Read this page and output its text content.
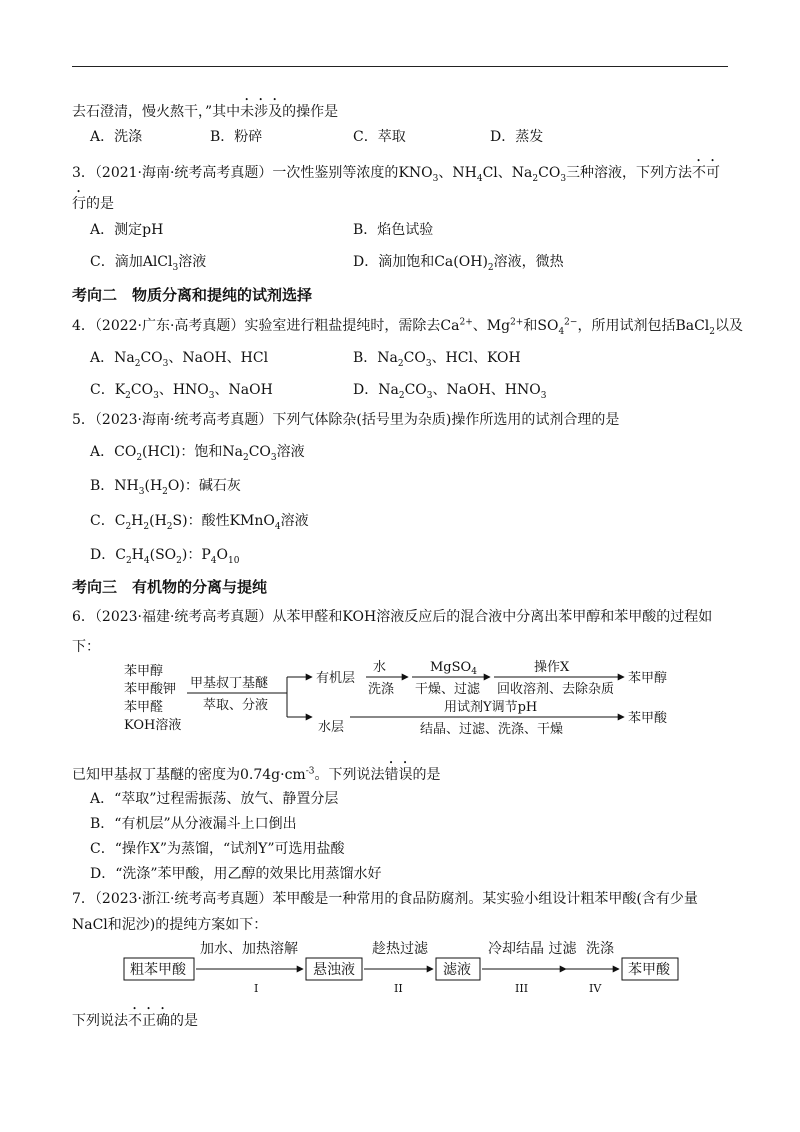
去石澄清，慢火熬干，”其中未涉及的操作是
A．洗涤	B．粉碎	C．萃取	D．蒸发
3．（2021·海南·统考高考真题）一次性鉴别等浓度的$KNO_3$、$NH_4Cl$、$Na_2CO_3$三种溶液，下列方法不可
行的是
A．测定pH	B．焰色试验
C．滴加AlCl$_3$溶液	D．滴加饱和$Ca(OH)_2$溶液，微热
考向二　物质分离和提纯的试剂选择
4．（2022·广东·高考真题）实验室进行粗盐提纯时，需除去$Ca^{2+}$、$Mg^{2+}$和$SO_4^{2-}$，所用试剂包括BaCl$_2$以及
A．$Na_2CO_3$、NaOH、HCl	B．$Na_2CO_3$、HCl、KOH
C．$K_2CO_3$、$HNO_3$、NaOH	D．$Na_2CO_3$、NaOH、$HNO_3$
5．（2023·海南·统考高考真题）下列气体除杂(括号里为杂质)操作所选用的试剂合理的是
A．$CO_2(HCl)$：饱和$Na_2CO_3$溶液
B．$NH_3(H_2O)$：碱石灰
C．$C_2H_2(H_2S)$：酸性KMnO$_4$溶液
D．$C_2H_4(SO_2)$：$P_4O_{10}$
考向三　有机物的分离与提纯
6．（2023·福建·统考高考真题）从苯甲醛和KOH溶液反应后的混合液中分离出苯甲醇和苯甲酸的过程如
下：
苯甲醇
苯甲酸钾
苯甲醛
KOH溶液
甲基叔丁基醚
萃取、分液
有机层
水层
水
洗涤
MgSO$_4$
干燥、过滤
操作X
回收溶剂、去除杂质
苯甲醇
用试剂Y调节pH
结晶、过滤、洗涤、干燥
苯甲酸
已知甲基叔丁基醚的密度为$0.74g\cdot cm^{-3}$。下列说法错误的是
A．“萃取”过程需振荡、放气、静置分层
B．“有机层”从分液漏斗上口倒出
C．“操作X”为蒸馏，“试剂Y”可选用盐酸
D．“洗涤”苯甲酸，用乙醇的效果比用蒸馏水好
7．（2023·浙江·统考高考真题）苯甲酸是一种常用的食品防腐剂。某实验小组设计粗苯甲酸(含有少量
NaCl和泥沙)的提纯方案如下：
粗苯甲酸
加水、加热溶解
I
悬浊液
趁热过滤
II
滤液
冷却结晶 过滤
III
洗涤
IV
苯甲酸
下列说法不正确的是
